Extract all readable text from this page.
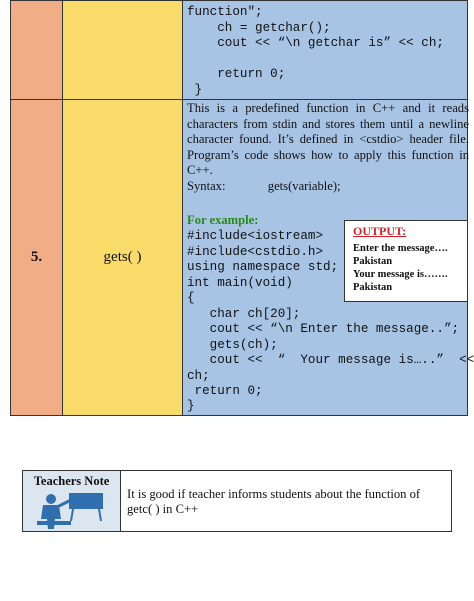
5.	gets( )
function";
ch = getchar();
cout << “\n getchar is” << ch;
return 0;
}
This is a predefined function in C++ and it reads characters from stdin and stores them until a newline character found. It’s defined in <cstdio> header file. Program’s code shows how to apply this function in C++.
Syntax:	gets(variable);
For example:
#include<iostream>
#include<cstdio.h>
using namespace std;
int main(void)
{
char ch[20];
cout << “\n Enter the message..”;
gets(ch);
cout <<  “  Your message is…..”  <<
ch;
return 0;
}
OUTPUT:
Enter the message….
Pakistan
Your message is…….
Pakistan
Teachers Note
It is good if teacher informs students about the function of getc( ) in C++
